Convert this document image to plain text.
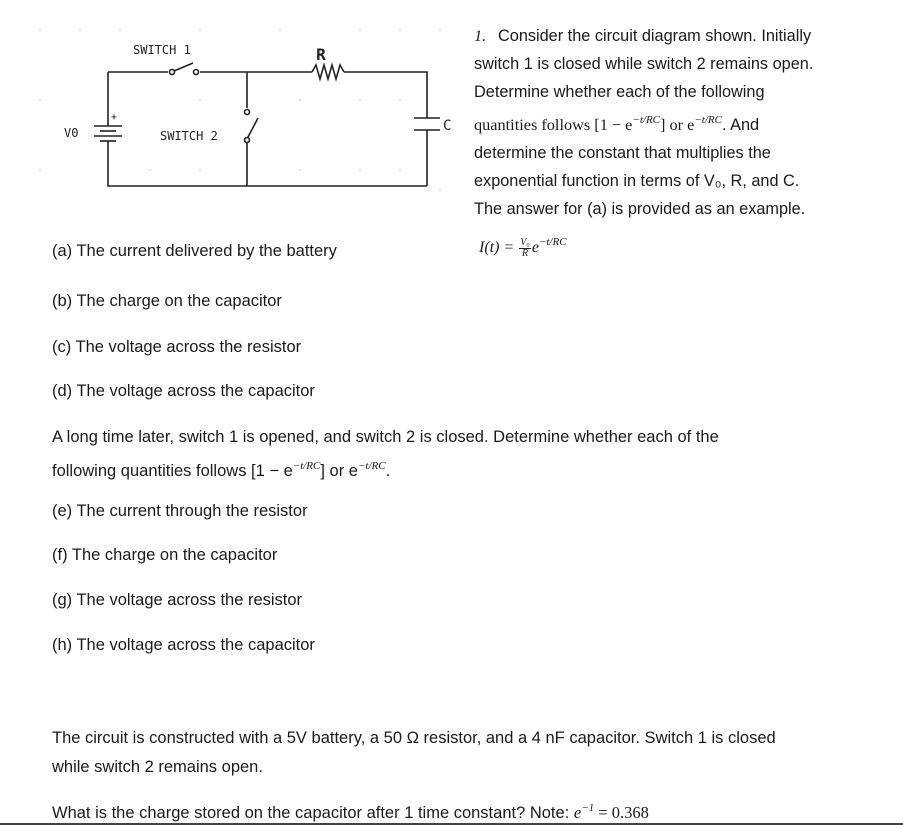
SWITCH 1
SWITCH 2
R
C
V0
+
1. Consider the circuit diagram shown. Initially
switch 1 is closed while switch 2 remains open.
Determine whether each of the following
quantities follows $[1 - e^{-t/RC}]$ or $e^{-t/RC}$. And
determine the constant that multiplies the
exponential function in terms of V₀, R, and C.
The answer for (a) is provided as an example.
$I(t) = \frac{\text{V₀}}{R} e^{-t/RC}$
(a) The current delivered by the battery
(b) The charge on the capacitor
(c) The voltage across the resistor
(d) The voltage across the capacitor
A long time later, switch 1 is opened, and switch 2 is closed. Determine whether each of the
following quantities follows $[1 - e^{-t/RC}]$ or $e^{-t/RC}$.
(e) The current through the resistor
(f) The charge on the capacitor
(g) The voltage across the resistor
(h) The voltage across the capacitor
The circuit is constructed with a 5V battery, a 50 Ω resistor, and a 4 nF capacitor. Switch 1 is closed
while switch 2 remains open.
What is the charge stored on the capacitor after 1 time constant? Note: $e^{-1} = 0.368$
